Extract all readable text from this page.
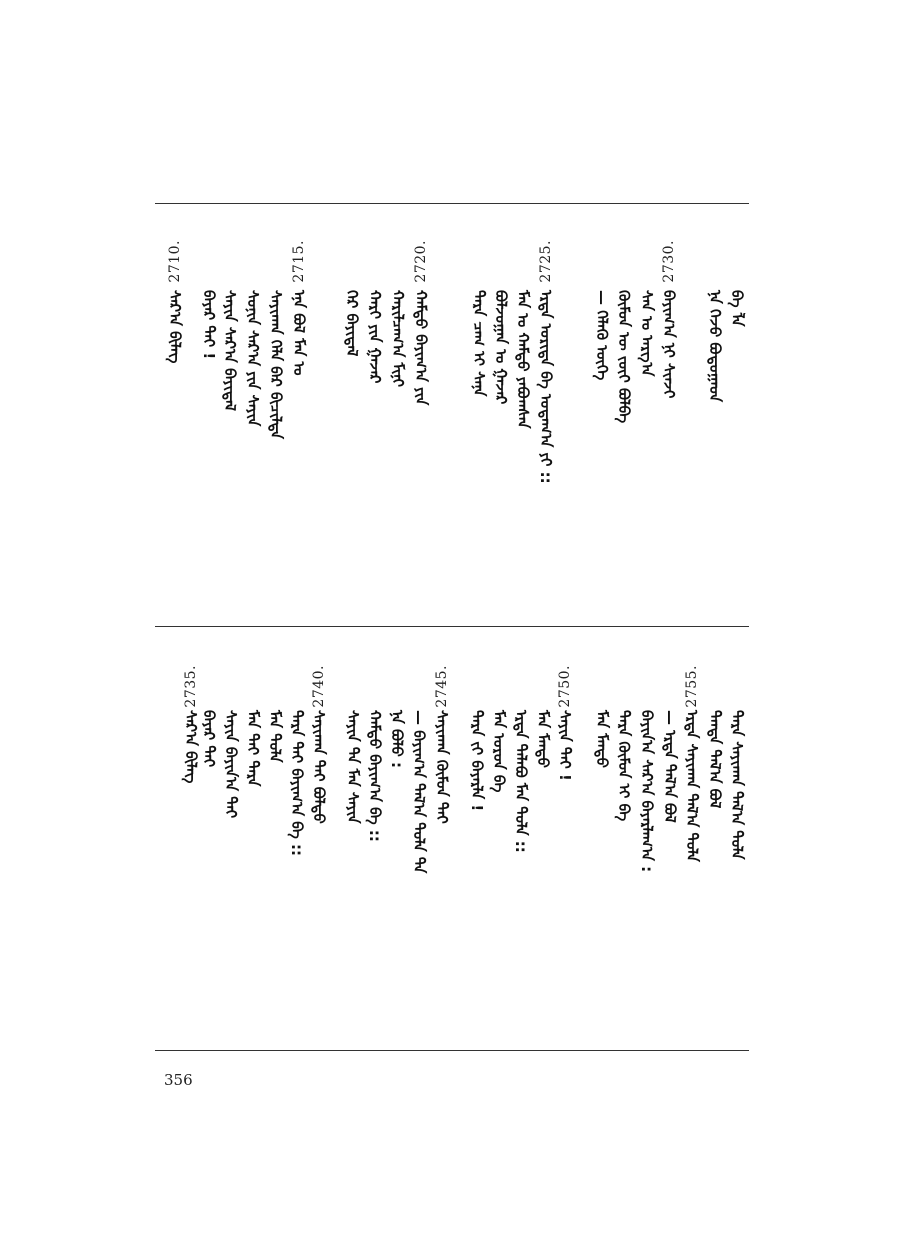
ᠪᠠ ᠯᠡ
ᠨᠡ ᠭᠡᠵᠦ ᠪᠣᠳᠣᠭᠠᠳ
2730.
ᠪᠠᠶᠢᠭ᠎ᠠ ᠨᠢ ᠰᠢᠨᠵᠢ
ᠰᠠᠨ ᠤ ᠠᠷᠭ᠎ᠠ
ᠬᠦᠮᠦᠨ ᠦ ᠵᠦᠢ ᠪᠣᠯᠪᠠ
— ᠬᠡᠯᠡᠬᠦ ᠦᠭᠡ
2725.
ᠡᠷᠲᠡ ᠤᠷᠢᠳᠠ ᠪᠠ ᠤᠳᠠᠭ᠎ᠠ ᠶᠢ ::
ᠮᠠᠨ ᠤ ᠬᠠᠮᠲᠤ ᠶᠠᠪᠤᠭᠰᠠᠨ
ᠪᠣᠯᠵᠣᠭᠠᠨ ᠤ ᠭᠠᠵᠠᠷ
ᠲᠡᠷᠡ ᠴᠠᠭ ᠢ ᠰᠠᠨᠠ
2720.
ᠬᠠᠮᠲᠤ ᠪᠠᠶᠢᠭ᠎ᠠ ᠶᠢᠨ
ᠬᠠᠷᠢᠯᠴᠠᠭ᠎ᠠ ᠮᠢᠨᠢ
ᠬᠠᠷᠢ ᠶᠢᠨ ᠭᠠᠵᠠᠷ
ᠭᠡᠷ ᠪᠠᠶᠢᠳᠠᠯ
2715.
ᠡᠨᠡ ᠪᠣᠯ ᠮᠠᠨ ᠤ
ᠰᠠᠶᠢᠬᠠᠨ ᠬᠡᠯᠡ ᠪᠡᠷ ᠪᠢᠴᠢᠯᠲᠡ
ᠰᠣᠨᠢᠨ ᠰᠠᠷ᠎ᠠ ᠶᠢᠨ ᠰᠠᠶᠢᠨ
ᠰᠠᠶᠢᠨ ᠰᠠᠷ᠎ᠠ ᠪᠠᠶᠢᠳᠠᠯ
ᠪᠠᠶᠠᠷ ᠲᠠᠢ !
2710.
ᠰᠠᠷ᠎ᠠ ᠪᠢᠯᠡᠭ
ᠲᠡᠷᠡ ᠰᠠᠶᠢᠬᠠᠨ ᠲᠠᠯ᠎ᠠ ᠲᠤᠯᠠ
ᠲᠡᠨᠳᠡ ᠲᠠᠯ᠎ᠠ ᠪᠣᠯ
2755.
ᠡᠷᠲᠡ ᠰᠠᠶᠢᠬᠠᠨ ᠲᠠᠯ᠎ᠠ ᠲᠤᠯᠠ
— ᠡᠷᠲᠡ ᠲᠠᠯ᠎ᠠ ᠪᠣᠯ
ᠪᠠᠶᠢᠨ᠎ᠠ ᠰᠠᠷ᠎ᠠ ᠪᠠᠶᠠᠷᠯᠠᠭ᠎ᠠ :
ᠲᠡᠷᠡ ᠬᠦᠮᠦᠨ ᠢ ᠪᠠ
ᠮᠠᠨ ᠮᠠᠨᠳᠤ
2750.
ᠰᠠᠶᠢᠨ ᠲᠠᠢ !
ᠮᠠᠨ ᠮᠠᠨᠳᠤ
ᠡᠷᠲᠡ ᠲᠠᠯᠠᠪᠤ ᠮᠠᠨ ᠲᠤᠯᠠ ::
ᠮᠠᠨ ᠤᠷᠤᠨ ᠪᠠ
ᠲᠡᠷᠡ ᠶ᠋ᠢ ᠪᠠᠶᠠᠷᠯᠠ !
2745.
ᠰᠠᠶᠢᠬᠠᠨ ᠬᠦᠮᠦᠨ ᠲᠠᠢ
— ᠪᠠᠶᠢᠭ᠎ᠠ ᠲᠠᠯ᠎ᠠ ᠲᠤᠯᠠ ᠲᠠ
ᠨᠡ ᠪᠣᠯᠤ :
ᠬᠠᠮᠲᠤ ᠪᠠᠶᠢᠭ᠎ᠠ ᠪᠠ ::
ᠰᠠᠶᠢᠨ ᠲᠠ ᠮᠠᠨ ᠰᠠᠶᠢᠨ
2740.
ᠰᠠᠶᠢᠬᠠᠨ ᠲᠠᠢ ᠪᠣᠯᠲᠤ
ᠲᠡᠷᠡ ᠲᠠᠢ ᠪᠠᠶᠢᠭ᠎ᠠ ᠪᠠ ::
ᠮᠠᠨ ᠲᠤᠯᠠ
ᠮᠠᠨ ᠲᠠᠢ ᠲᠡᠷᠡ
ᠰᠠᠶᠢᠨ ᠪᠠᠶᠢᠨ᠎ᠠ ᠲᠠᠢ
ᠪᠠᠶᠠᠷ ᠲᠠᠢ
2735.
ᠰᠠᠷ᠎ᠠ ᠪᠢᠯᠡᠭ
356
